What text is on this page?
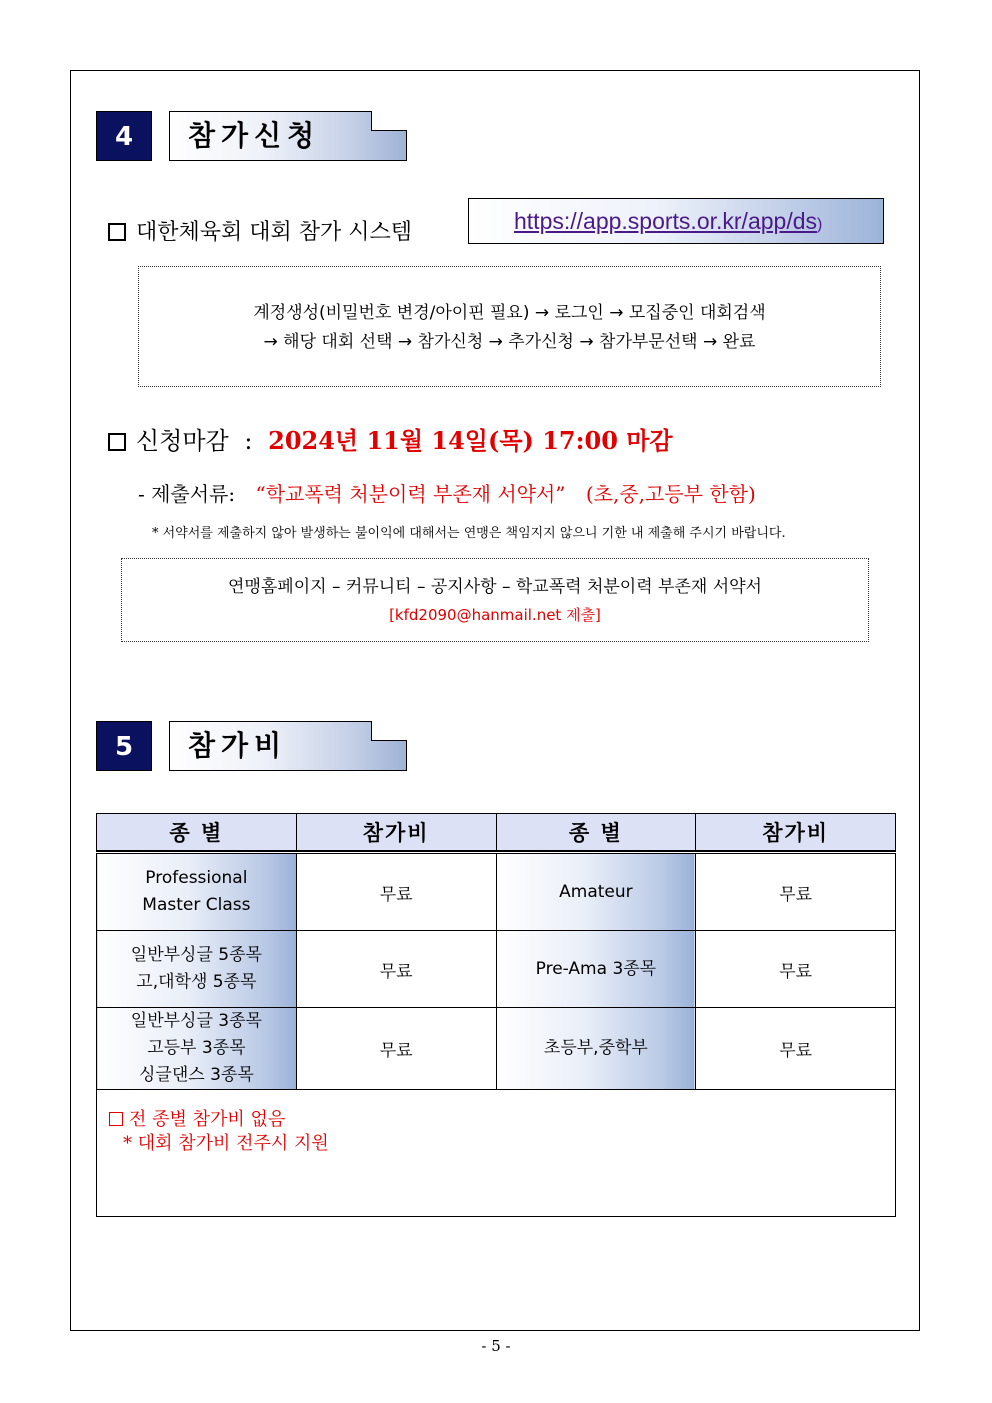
4	참가신청
대한체육회 대회 참가 시스템	https://app.sports.or.kr/app/ds)
계정생성(비밀번호 변경/아이핀 필요) → 로그인 → 모집중인 대회검색
→ 해당 대회 선택 → 참가신청 → 추가신청 → 참가부문선택 → 완료
신청마감 : 2024년 11월 14일(목) 17:00 마감
- 제출서류: “학교폭력 처분이력 부존재 서약서” (초,중,고등부 한함)
* 서약서를 제출하지 않아 발생하는 불이익에 대해서는 연맹은 책임지지 않으니 기한 내 제출해 주시기 바랍니다.
연맹홈페이지 – 커뮤니티 – 공지사항 – 학교폭력 처분이력 부존재 서약서
[kfd2090@hanmail.net 제출]
5	참가비
종 별	참가비	종 별	참가비

Professional
Master Class	무료	Amateur	무료

일반부싱글 5종목
고,대학생 5종목	무료	Pre-Ama 3종목	무료

일반부싱글 3종목
고등부 3종목
싱글댄스 3종목	무료	초등부,중학부	무료

전 종별 참가비 없음
* 대회 참가비 전주시 지원			
- 5 -
